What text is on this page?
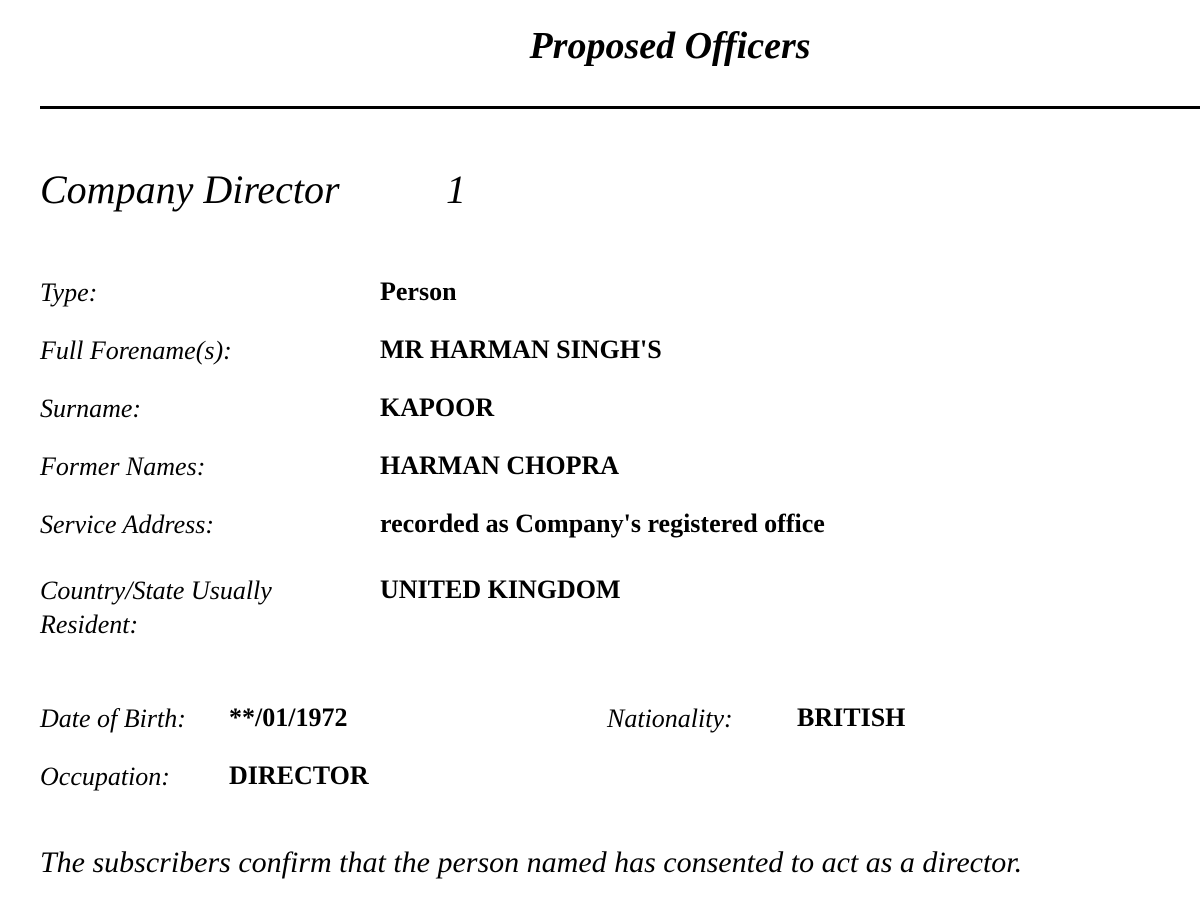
Proposed Officers
Company Director	1
Type:	Person
Full Forename(s):	MR HARMAN SINGH'S
Surname:	KAPOOR
Former Names:	HARMAN CHOPRA
Service Address:	recorded as Company's registered office
Country/State Usually
Resident:
UNITED KINGDOM
Date of Birth: **/01/1972	Nationality: BRITISH
Occupation: DIRECTOR
The subscribers confirm that the person named has consented to act as a director.
